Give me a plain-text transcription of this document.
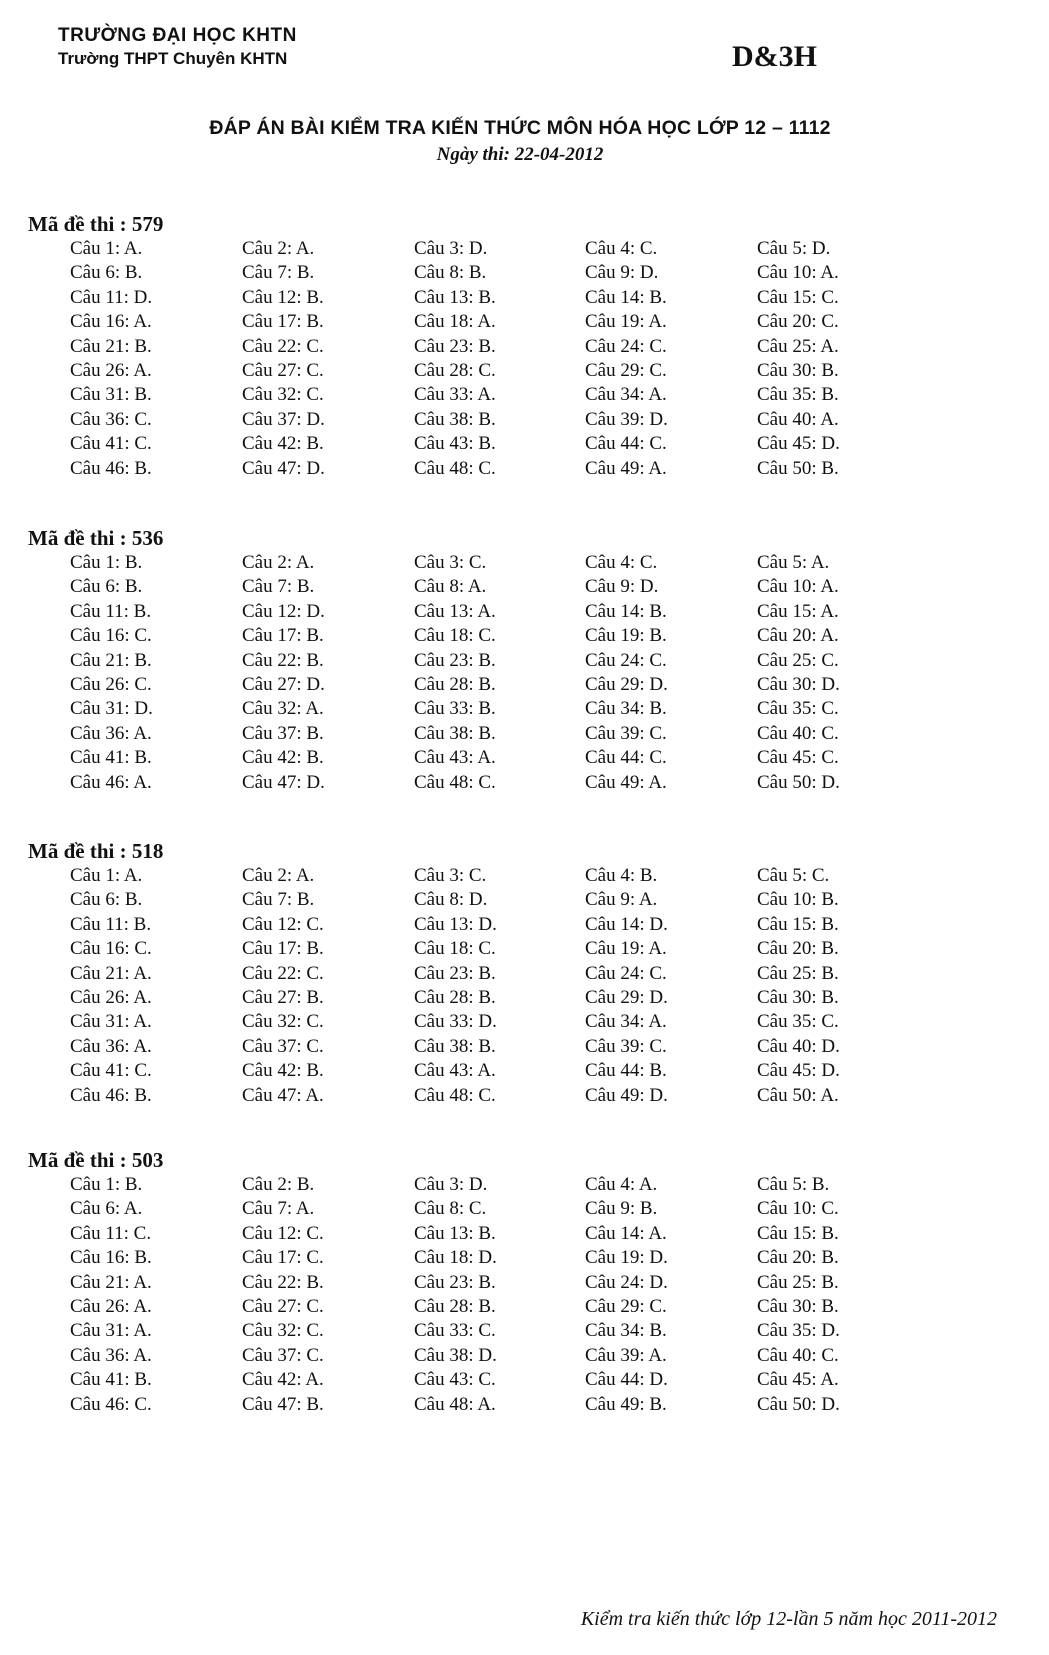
TRƯỜNG ĐẠI HỌC KHTN
Trường THPT Chuyên KHTN	D&3H
ĐÁP ÁN BÀI KIỂM TRA KIẾN THỨC MÔN HÓA HỌC LỚP 12 – 1112
Ngày thi: 22-04-2012
Mã đề thi : 579
Câu 1: A.	Câu 2: A.	Câu 3: D.	Câu 4: C.	Câu 5: D.
Câu 6: B.	Câu 7: B.	Câu 8: B.	Câu 9: D.	Câu 10: A.
Câu 11: D.	Câu 12: B.	Câu 13: B.	Câu 14: B.	Câu 15: C.
Câu 16: A.	Câu 17: B.	Câu 18: A.	Câu 19: A.	Câu 20: C.
Câu 21: B.	Câu 22: C.	Câu 23: B.	Câu 24: C.	Câu 25: A.
Câu 26: A.	Câu 27: C.	Câu 28: C.	Câu 29: C.	Câu 30: B.
Câu 31: B.	Câu 32: C.	Câu 33: A.	Câu 34: A.	Câu 35: B.
Câu 36: C.	Câu 37: D.	Câu 38: B.	Câu 39: D.	Câu 40: A.
Câu 41: C.	Câu 42: B.	Câu 43: B.	Câu 44: C.	Câu 45: D.
Câu 46: B.	Câu 47: D.	Câu 48: C.	Câu 49: A.	Câu 50: B.
Mã đề thi : 536
Câu 1: B.	Câu 2: A.	Câu 3: C.	Câu 4: C.	Câu 5: A.
Câu 6: B.	Câu 7: B.	Câu 8: A.	Câu 9: D.	Câu 10: A.
Câu 11: B.	Câu 12: D.	Câu 13: A.	Câu 14: B.	Câu 15: A.
Câu 16: C.	Câu 17: B.	Câu 18: C.	Câu 19: B.	Câu 20: A.
Câu 21: B.	Câu 22: B.	Câu 23: B.	Câu 24: C.	Câu 25: C.
Câu 26: C.	Câu 27: D.	Câu 28: B.	Câu 29: D.	Câu 30: D.
Câu 31: D.	Câu 32: A.	Câu 33: B.	Câu 34: B.	Câu 35: C.
Câu 36: A.	Câu 37: B.	Câu 38: B.	Câu 39: C.	Câu 40: C.
Câu 41: B.	Câu 42: B.	Câu 43: A.	Câu 44: C.	Câu 45: C.
Câu 46: A.	Câu 47: D.	Câu 48: C.	Câu 49: A.	Câu 50: D.
Mã đề thi : 518
Câu 1: A.	Câu 2: A.	Câu 3: C.	Câu 4: B.	Câu 5: C.
Câu 6: B.	Câu 7: B.	Câu 8: D.	Câu 9: A.	Câu 10: B.
Câu 11: B.	Câu 12: C.	Câu 13: D.	Câu 14: D.	Câu 15: B.
Câu 16: C.	Câu 17: B.	Câu 18: C.	Câu 19: A.	Câu 20: B.
Câu 21: A.	Câu 22: C.	Câu 23: B.	Câu 24: C.	Câu 25: B.
Câu 26: A.	Câu 27: B.	Câu 28: B.	Câu 29: D.	Câu 30: B.
Câu 31: A.	Câu 32: C.	Câu 33: D.	Câu 34: A.	Câu 35: C.
Câu 36: A.	Câu 37: C.	Câu 38: B.	Câu 39: C.	Câu 40: D.
Câu 41: C.	Câu 42: B.	Câu 43: A.	Câu 44: B.	Câu 45: D.
Câu 46: B.	Câu 47: A.	Câu 48: C.	Câu 49: D.	Câu 50: A.
Mã đề thi : 503
Câu 1: B.	Câu 2: B.	Câu 3: D.	Câu 4: A.	Câu 5: B.
Câu 6: A.	Câu 7: A.	Câu 8: C.	Câu 9: B.	Câu 10: C.
Câu 11: C.	Câu 12: C.	Câu 13: B.	Câu 14: A.	Câu 15: B.
Câu 16: B.	Câu 17: C.	Câu 18: D.	Câu 19: D.	Câu 20: B.
Câu 21: A.	Câu 22: B.	Câu 23: B.	Câu 24: D.	Câu 25: B.
Câu 26: A.	Câu 27: C.	Câu 28: B.	Câu 29: C.	Câu 30: B.
Câu 31: A.	Câu 32: C.	Câu 33: C.	Câu 34: B.	Câu 35: D.
Câu 36: A.	Câu 37: C.	Câu 38: D.	Câu 39: A.	Câu 40: C.
Câu 41: B.	Câu 42: A.	Câu 43: C.	Câu 44: D.	Câu 45: A.
Câu 46: C.	Câu 47: B.	Câu 48: A.	Câu 49: B.	Câu 50: D.
Kiểm tra kiến thức lớp 12-lần 5 năm học 2011-2012
